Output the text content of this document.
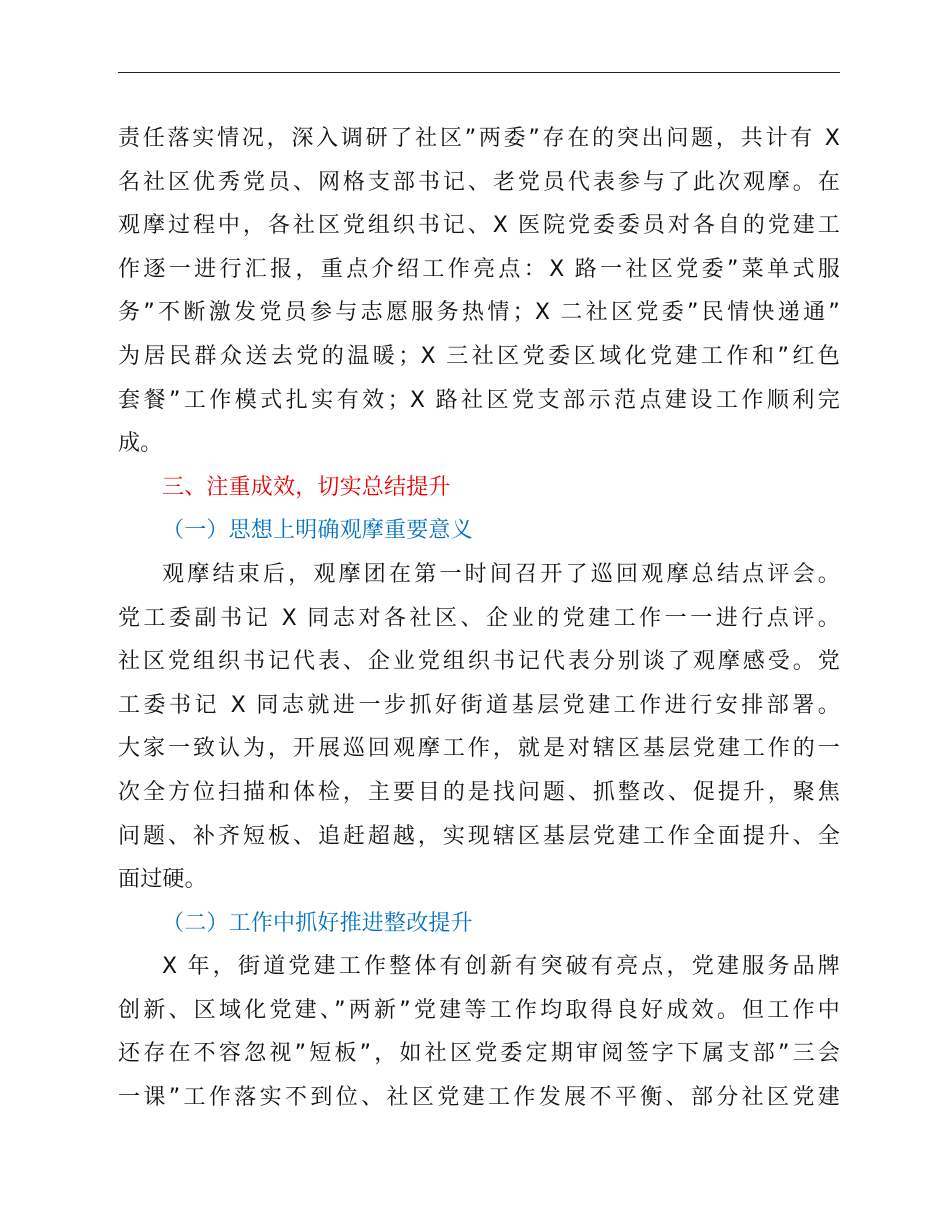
责任落实情况，深入调研了社区”两委”存在的突出问题，共计有 X
名社区优秀党员、网格支部书记、老党员代表参与了此次观摩。在
观摩过程中，各社区党组织书记、X 医院党委委员对各自的党建工
作逐一进行汇报，重点介绍工作亮点：X 路一社区党委”菜单式服
务”不断激发党员参与志愿服务热情；X 二社区党委”民情快递通”
为居民群众送去党的温暖；X 三社区党委区域化党建工作和”红色
套餐”工作模式扎实有效；X 路社区党支部示范点建设工作顺利完
成。
三、注重成效，切实总结提升
（一）思想上明确观摩重要意义
观摩结束后，观摩团在第一时间召开了巡回观摩总结点评会。
党工委副书记 X 同志对各社区、企业的党建工作一一进行点评。
社区党组织书记代表、企业党组织书记代表分别谈了观摩感受。党
工委书记 X 同志就进一步抓好街道基层党建工作进行安排部署。
大家一致认为，开展巡回观摩工作，就是对辖区基层党建工作的一
次全方位扫描和体检，主要目的是找问题、抓整改、促提升，聚焦
问题、补齐短板、追赶超越，实现辖区基层党建工作全面提升、全
面过硬。
（二）工作中抓好推进整改提升
X 年，街道党建工作整体有创新有突破有亮点，党建服务品牌
创新、区域化党建、”两新”党建等工作均取得良好成效。但工作中
还存在不容忽视”短板”，如社区党委定期审阅签字下属支部”三会
一课”工作落实不到位、社区党建工作发展不平衡、部分社区党建
